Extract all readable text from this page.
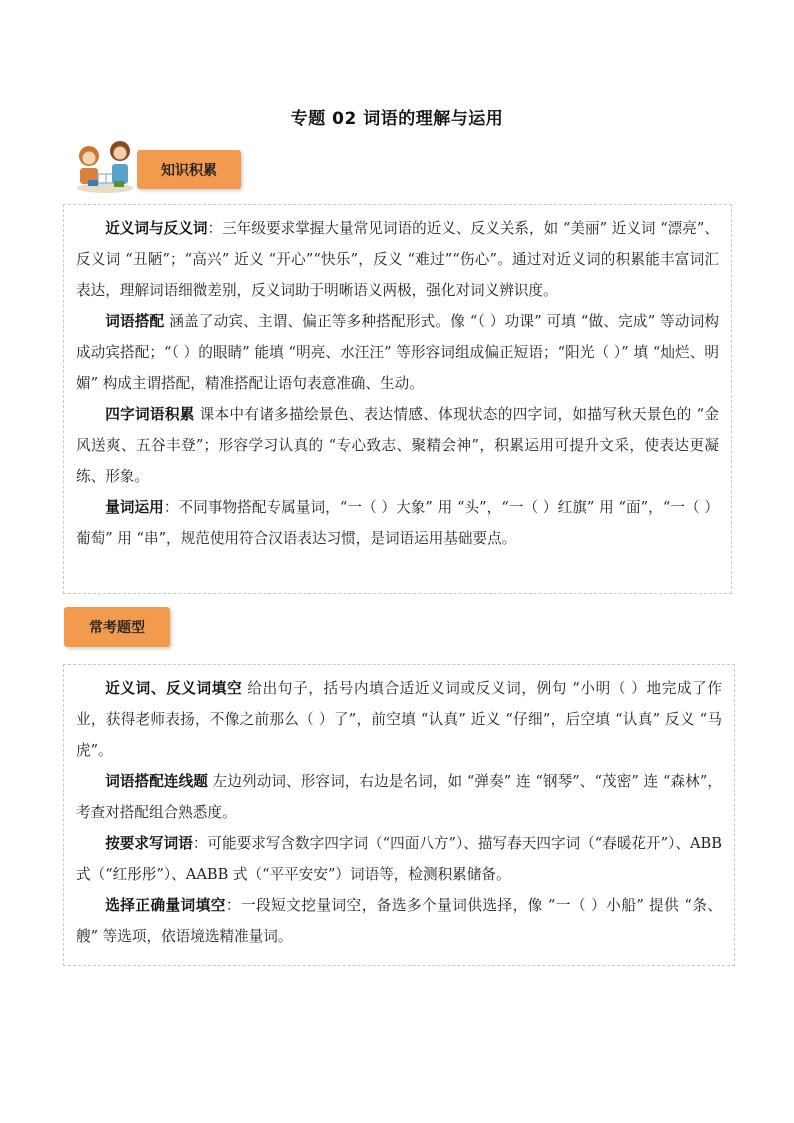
专题 02 词语的理解与运用
知识积累

近义词与反义词：三年级要求掌握大量常见词语的近义、反义关系，如 “美丽” 近义词 “漂亮”、反义词 “丑陋”；“高兴” 近义 “开心”“快乐”，反义 “难过”“伤心”。通过对近义词的积累能丰富词汇表达，理解词语细微差别，反义词助于明晰语义两极，强化对词义辨识度。

词语搭配 涵盖了动宾、主谓、偏正等多种搭配形式。像 “（ ）功课” 可填 “做、完成” 等动词构成动宾搭配；“（ ）的眼睛” 能填 “明亮、水汪汪” 等形容词组成偏正短语；“阳光（ ）” 填 “灿烂、明媚” 构成主谓搭配，精准搭配让语句表意准确、生动。

四字词语积累 课本中有诸多描绘景色、表达情感、体现状态的四字词，如描写秋天景色的 “金风送爽、五谷丰登”；形容学习认真的 “专心致志、聚精会神”，积累运用可提升文采，使表达更凝练、形象。

量词运用：不同事物搭配专属量词，“一（ ）大象” 用 “头”，“一（ ）红旗” 用 “面”，“一（ ）葡萄” 用 “串”，规范使用符合汉语表达习惯，是词语运用基础要点。

常考题型

近义词、反义词填空 给出句子，括号内填合适近义词或反义词，例句 “小明（ ）地完成了作业，获得老师表扬，不像之前那么（ ）了”，前空填 “认真” 近义 “仔细”，后空填 “认真” 反义 “马虎”。

词语搭配连线题 左边列动词、形容词，右边是名词，如 “弹奏” 连 “钢琴”、“茂密” 连 “森林”，考查对搭配组合熟悉度。

按要求写词语：可能要求写含数字四字词（“四面八方”）、描写春天四字词（“春暖花开”）、ABB 式（“红彤彤”）、AABB 式（“平平安安”）词语等，检测积累储备。

选择正确量词填空：一段短文挖量词空，备选多个量词供选择，像 “一（ ）小船” 提供 “条、艘” 等选项，依语境选精准量词。
